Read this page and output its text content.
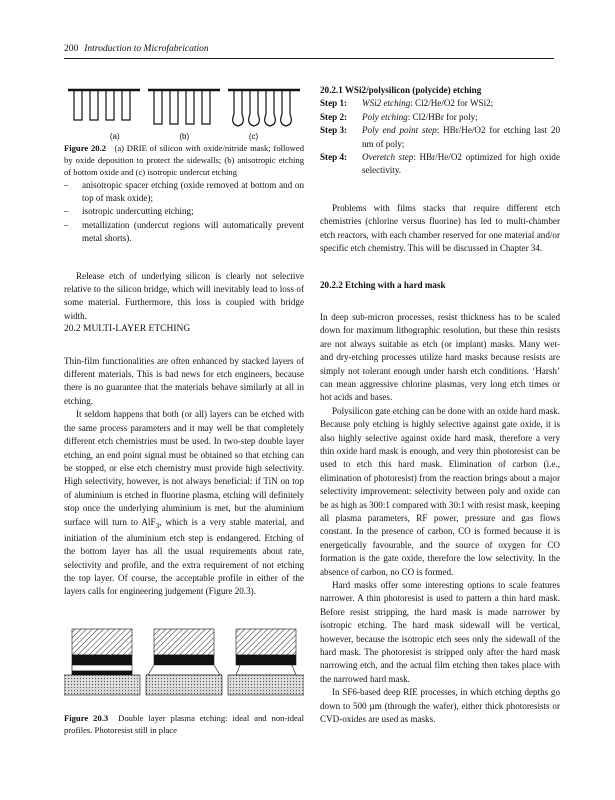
200 Introduction to Microfabrication
(a)	(b)	(c)

Figure 20.2 (a) DRIE of silicon with oxide/nitride mask; followed by oxide deposition to protect the sidewalls; (b) anisotropic etching of bottom oxide and (c) isotropic undercut etching

– anisotropic spacer etching (oxide removed at bottom and on top of mask oxide);
– isotropic undercutting etching;
– metallization (undercut regions will automatically prevent metal shorts).

Release etch of underlying silicon is clearly not selective relative to the silicon bridge, which will inevitably lead to loss of some material. Furthermore, this loss is coupled with bridge width.

20.2 MULTI-LAYER ETCHING

Thin-film functionalities are often enhanced by stacked layers of different materials. This is bad news for etch engineers, because there is no guarantee that the materials behave similarly at all in etching.

It seldom happens that both (or all) layers can be etched with the same process parameters and it may well be that completely different etch chemistries must be used. In two-step double layer etching, an end point signal must be obtained so that etching can be stopped, or else etch chemistry must provide high selectivity. High selectivity, however, is not always beneficial: if TiN on top of aluminium is etched in fluorine plasma, etching will definitely stop once the underlying aluminium is met, but the aluminium surface will turn to AlF$_3$, which is a very stable material, and initiation of the aluminium etch step is endangered. Etching of the bottom layer has all the usual requirements about rate, selectivity and profile, and the extra requirement of not etching the top layer. Of course, the acceptable profile in either of the layers calls for engineering judgement (Figure 20.3).

Figure 20.3 Double layer plasma etching: ideal and non-ideal profiles. Photoresist still in place

20.2.1 WSi2/polysilicon (polycide) etching

Step 1:	WSi2 etching: Cl2/He/O2 for WSi2;
Step 2:	Poly etching: Cl2/HBr for poly;
Step 3:	Poly end point step: HBr/He/O2 for etching last 20 nm of poly;
Step 4:	Overetch step: HBr/He/O2 optimized for high oxide selectivity.

Problems with films stacks that require different etch chemistries (chlorine versus fluorine) has led to multi-chamber etch reactors, with each chamber reserved for one material and/or specific etch chemistry. This will be discussed in Chapter 34.

20.2.2 Etching with a hard mask

In deep sub-micron processes, resist thickness has to be scaled down for maximum lithographic resolution, but these thin resists are not always suitable as etch (or implant) masks. Many wet- and dry-etching processes utilize hard masks because resists are simply not tolerant enough under harsh etch conditions. ‘Harsh’ can mean aggressive chlorine plasmas, very long etch times or hot acids and bases.

Polysilicon gate etching can be done with an oxide hard mask. Because poly etching is highly selective against gate oxide, it is also highly selective against oxide hard mask, therefore a very thin oxide hard mask is enough, and very thin photoresist can be used to etch this hard mask. Elimination of carbon (i.e., elimination of photoresist) from the reaction brings about a major selectivity improvement: selectivity between poly and oxide can be as high as 300:1 compared with 30:1 with resist mask, keeping all plasma parameters, RF power, pressure and gas flows constant. In the presence of carbon, CO is formed because it is energetically favourable, and the source of oxygen for CO formation is the gate oxide, therefore the low selectivity. In the absence of carbon, no CO is formed.

Hard masks offer some interesting options to scale features narrower. A thin photoresist is used to pattern a thin hard mask. Before resist stripping, the hard mask is made narrower by isotropic etching. The hard mask sidewall will be vertical, however, because the isotropic etch sees only the sidewall of the hard mask. The photoresist is stripped only after the hard mask narrowing etch, and the actual film etching then takes place with the narrowed hard mask.

In SF6-based deep RIE processes, in which etching depths go down to 500 µm (through the wafer), either thick photoresists or CVD-oxides are used as masks.
